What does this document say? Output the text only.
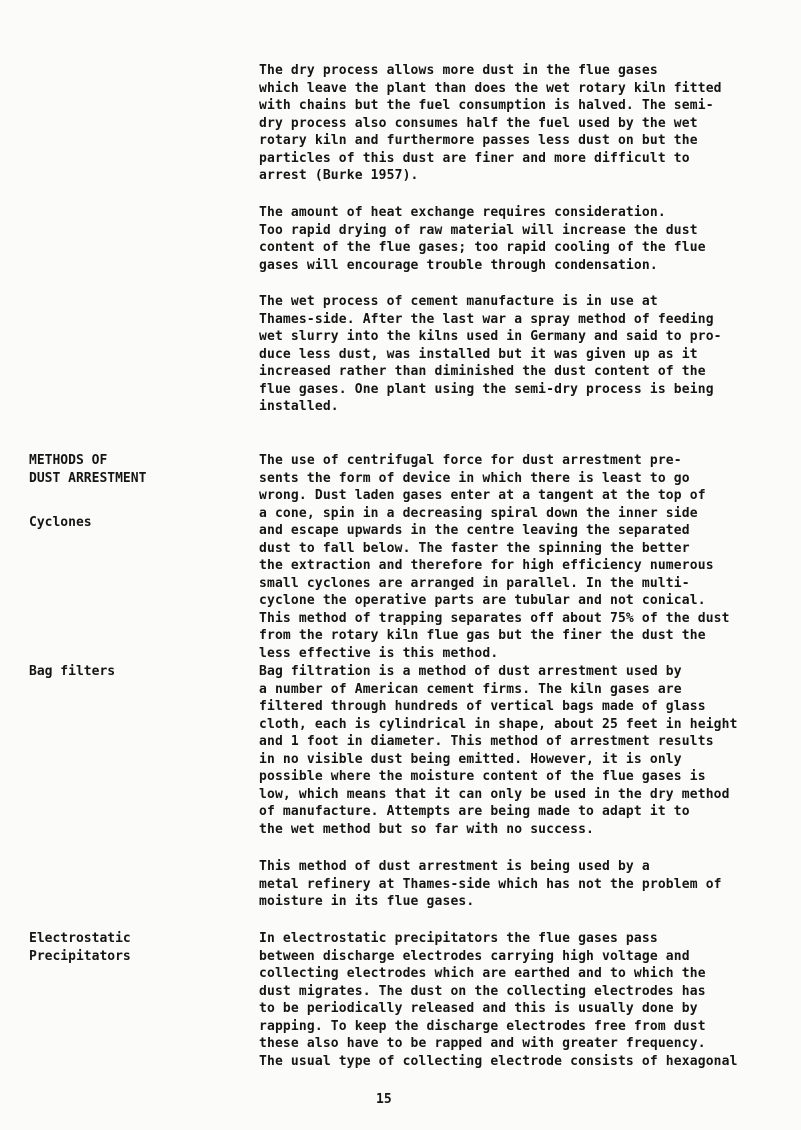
The dry process allows more dust in the flue gases
which leave the plant than does the wet rotary kiln fitted
with chains but the fuel consumption is halved. The semi-
dry process also consumes half the fuel used by the wet
rotary kiln and furthermore passes less dust on but the
particles of this dust are finer and more difficult to
arrest (Burke 1957).

The amount of heat exchange requires consideration.
Too rapid drying of raw material will increase the dust
content of the flue gases; too rapid cooling of the flue
gases will encourage trouble through condensation.

The wet process of cement manufacture is in use at
Thames-side. After the last war a spray method of feeding
wet slurry into the kilns used in Germany and said to pro-
duce less dust, was installed but it was given up as it
increased rather than diminished the dust content of the
flue gases. One plant using the semi-dry process is being
installed.

METHODS OF
DUST ARRESTMENT

Cyclones

The use of centrifugal force for dust arrestment pre-
sents the form of device in which there is least to go
wrong. Dust laden gases enter at a tangent at the top of
a cone, spin in a decreasing spiral down the inner side
and escape upwards in the centre leaving the separated
dust to fall below. The faster the spinning the better
the extraction and therefore for high efficiency numerous
small cyclones are arranged in parallel. In the multi-
cyclone the operative parts are tubular and not conical.
This method of trapping separates off about 75% of the dust
from the rotary kiln flue gas but the finer the dust the
less effective is this method.

Bag filters	Bag filtration is a method of dust arrestment used by
a number of American cement firms. The kiln gases are
filtered through hundreds of vertical bags made of glass
cloth, each is cylindrical in shape, about 25 feet in height
and 1 foot in diameter. This method of arrestment results
in no visible dust being emitted. However, it is only
possible where the moisture content of the flue gases is
low, which means that it can only be used in the dry method
of manufacture. Attempts are being made to adapt it to
the wet method but so far with no success.

This method of dust arrestment is being used by a
metal refinery at Thames-side which has not the problem of
moisture in its flue gases.

Electrostatic
Precipitators

In electrostatic precipitators the flue gases pass
between discharge electrodes carrying high voltage and
collecting electrodes which are earthed and to which the
dust migrates. The dust on the collecting electrodes has
to be periodically released and this is usually done by
rapping. To keep the discharge electrodes free from dust
these also have to be rapped and with greater frequency.
The usual type of collecting electrode consists of hexagonal

15
